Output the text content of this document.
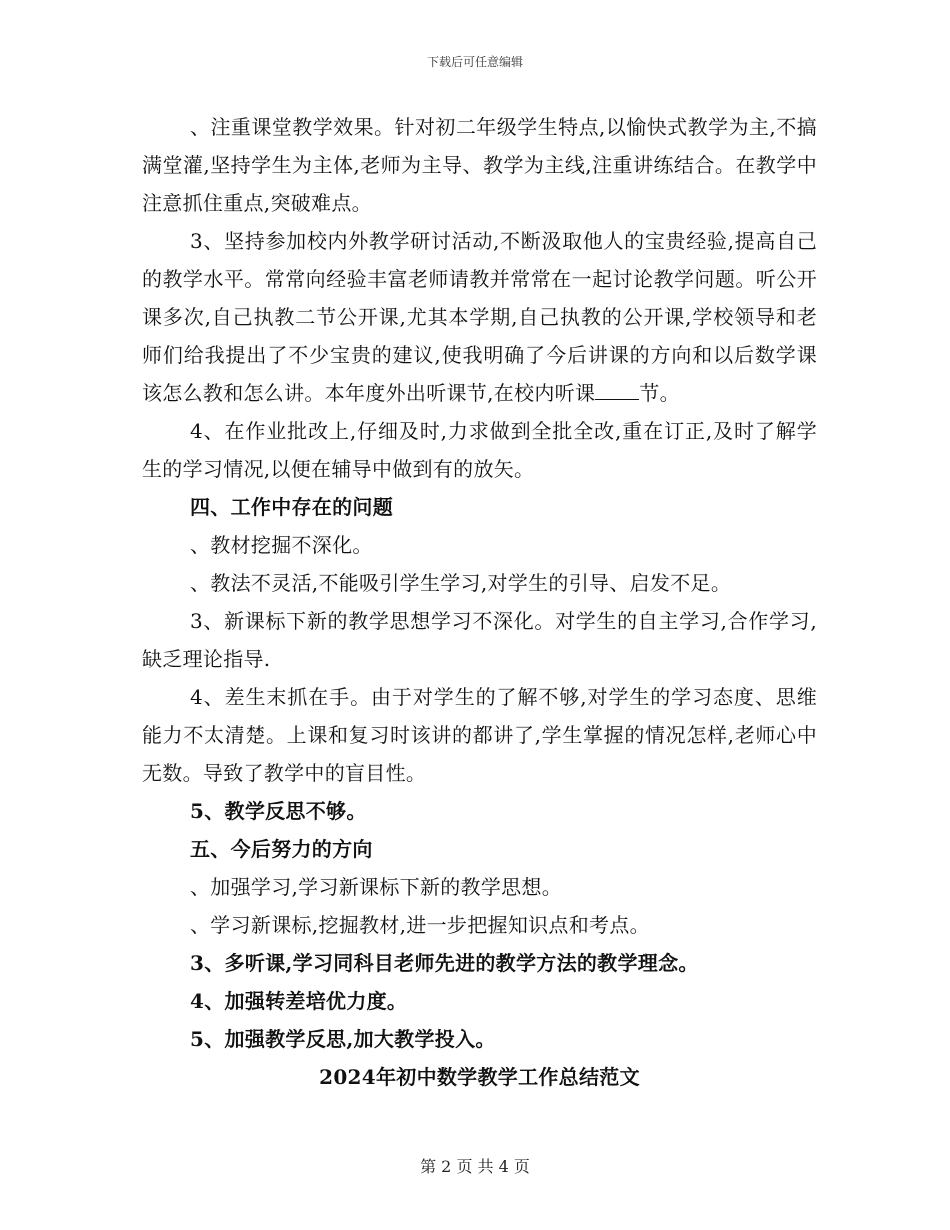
下载后可任意编辑

、注重课堂教学效果。针对初二年级学生特点,以愉快式教学为主,不搞满堂灌,坚持学生为主体,老师为主导、教学为主线,注重讲练结合。在教学中注意抓住重点,突破难点。

3、坚持参加校内外教学研讨活动,不断汲取他人的宝贵经验,提高自己的教学水平。常常向经验丰富老师请教并常常在一起讨论教学问题。听公开课多次,自己执教二节公开课,尤其本学期,自己执教的公开课,学校领导和老师们给我提出了不少宝贵的建议,使我明确了今后讲课的方向和以后数学课该怎么教和怎么讲。本年度外出听课节,在校内听课 节。

4、在作业批改上,仔细及时,力求做到全批全改,重在订正,及时了解学生的学习情况,以便在辅导中做到有的放矢。

四、工作中存在的问题

、教材挖掘不深化。

、教法不灵活,不能吸引学生学习,对学生的引导、启发不足。

3、新课标下新的教学思想学习不深化。对学生的自主学习,合作学习,缺乏理论指导.

4、差生末抓在手。由于对学生的了解不够,对学生的学习态度、思维能力不太清楚。上课和复习时该讲的都讲了,学生掌握的情况怎样,老师心中无数。导致了教学中的盲目性。

5、教学反思不够。

五、今后努力的方向

、加强学习,学习新课标下新的教学思想。

、学习新课标,挖掘教材,进一步把握知识点和考点。

3、多听课,学习同科目老师先进的教学方法的教学理念。

4、加强转差培优力度。

5、加强教学反思,加大教学投入。

2024年初中数学教学工作总结范文

第 2 页 共 4 页
